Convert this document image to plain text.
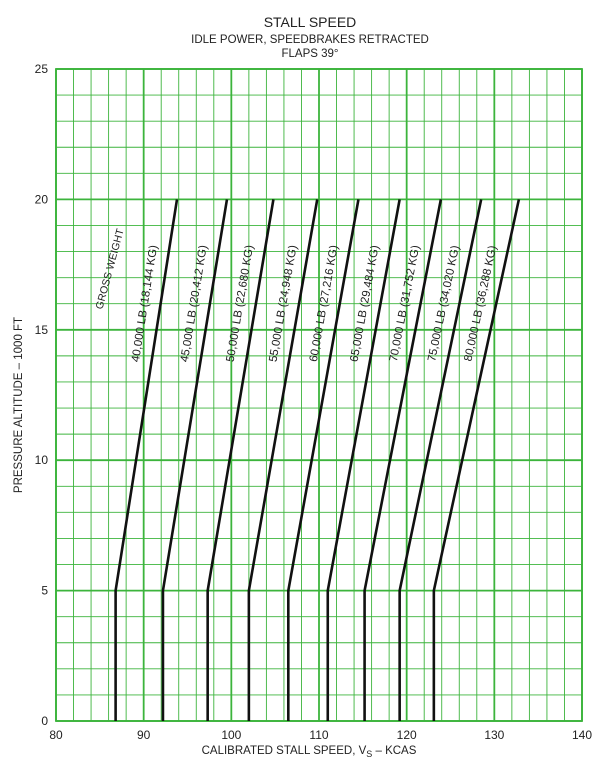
STALL SPEED
IDLE POWER, SPEEDBRAKES RETRACTED
FLAPS 39°
40,000 LB (18,144 KG) 45,000 LB (20,412 KG) 50,000 LB (22,680 KG) 55,000 LB (24,948 KG) 60,000 LB (27,216 KG) 65,000 LB (29,484 KG) 70,000 LB (31,752 KG) 75,000 LB (34,020 KG) 80,000 LB (36,288 KG)
80	90	100	110	120	130	140
0
5
10
15
20
25
GROSS WEIGHT
CALIBRATED STALL SPEED, $V_S$ – KCAS
PRESSURE ALTITUDE – 1000 FT
